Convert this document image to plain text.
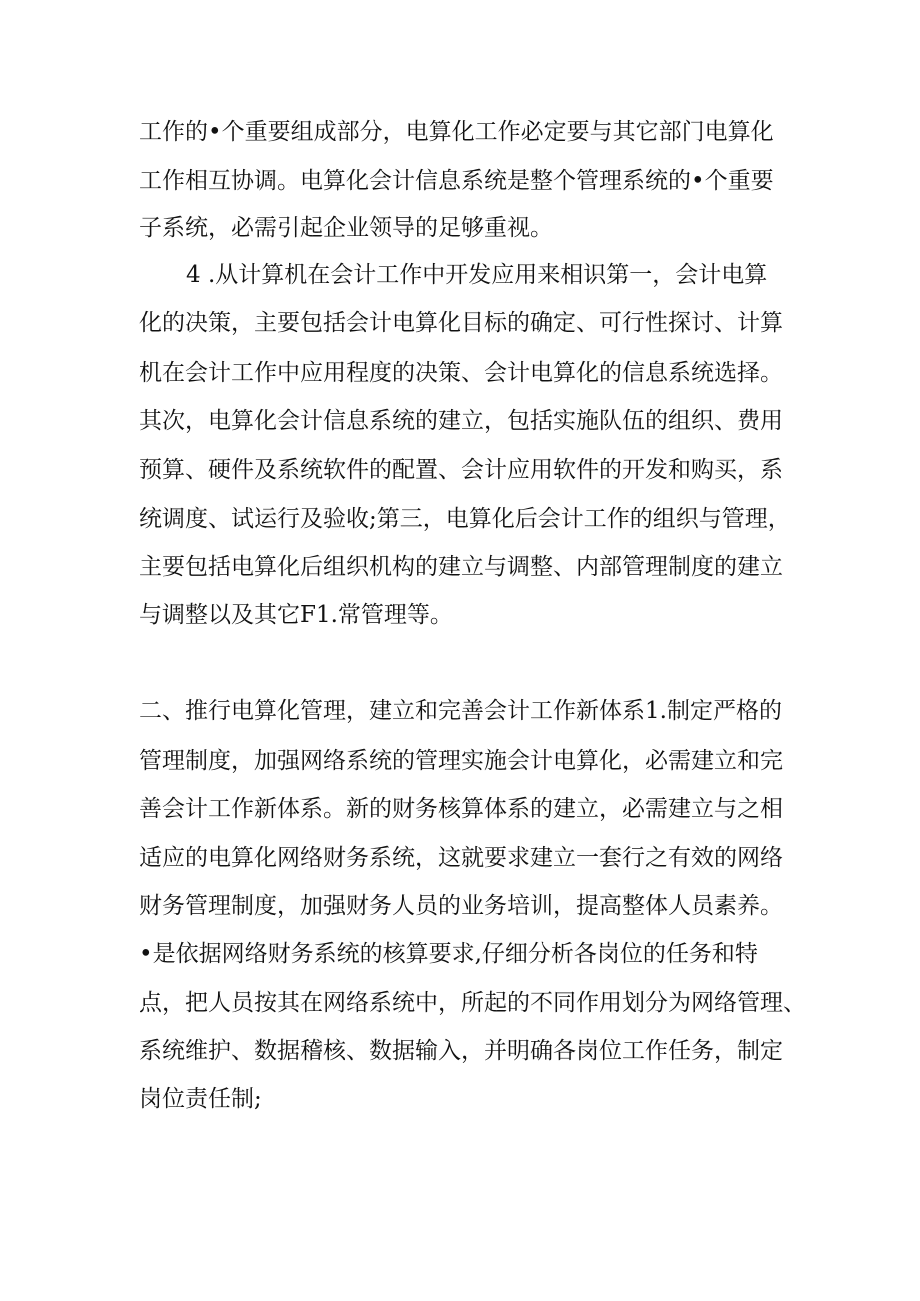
工作的•个重要组成部分，电算化工作必定要与其它部门电算化
工作相互协调。电算化会计信息系统是整个管理系统的•个重要
子系统，必需引起企业领导的足够重视。
4 .从计算机在会计工作中开发应用来相识第一，会计电算
化的决策，主要包括会计电算化目标的确定、可行性探讨、计算
机在会计工作中应用程度的决策、会计电算化的信息系统选择。
其次，电算化会计信息系统的建立，包括实施队伍的组织、费用
预算、硬件及系统软件的配置、会计应用软件的开发和购买，系
统调度、试运行及验收;第三，电算化后会计工作的组织与管理，
主要包括电算化后组织机构的建立与调整、内部管理制度的建立
与调整以及其它F1.常管理等。
二、推行电算化管理，建立和完善会计工作新体系1.制定严格的
管理制度，加强网络系统的管理实施会计电算化，必需建立和完
善会计工作新体系。新的财务核算体系的建立，必需建立与之相
适应的电算化网络财务系统，这就要求建立一套行之有效的网络
财务管理制度，加强财务人员的业务培训，提高整体人员素养。
•是依据网络财务系统的核算要求,仔细分析各岗位的任务和特
点，把人员按其在网络系统中，所起的不同作用划分为网络管理、
系统维护、数据稽核、数据输入，并明确各岗位工作任务，制定
岗位责任制;
